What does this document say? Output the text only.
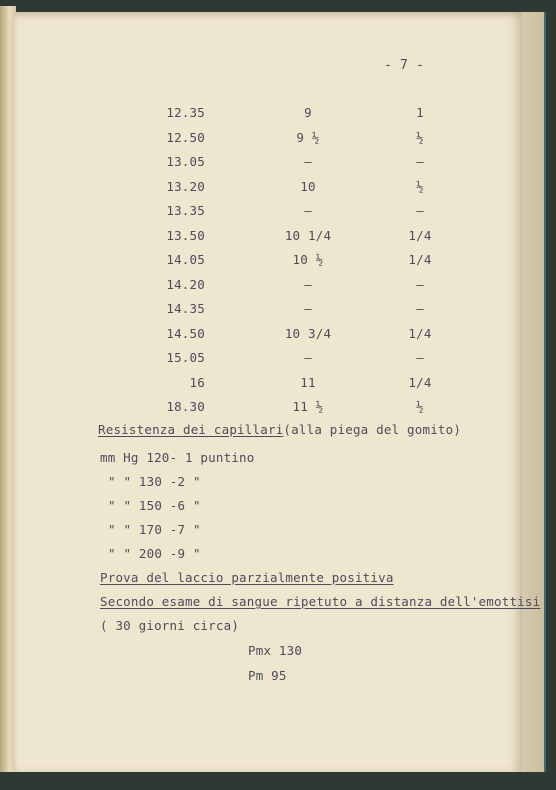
- 7 -
12.35	9	1
12.50	9 ½	½
13.05	–	–
13.20	10	½
13.35	–	–
13.50	10 1/4	1/4
14.05	10 ½	1/4
14.20	–	–
14.35	–	–
14.50	10 3/4	1/4
15.05	–	–
16	11	1/4
18.30	11 ½	½
Resistenza dei capillari(alla piega del gomito)
mm Hg 120- 1 puntino
" " 130 -2 "
" " 150 -6 "
" " 170 -7 "
" " 200 -9 "
Prova del laccio parzialmente positiva
Secondo esame di sangue ripetuto a distanza dell'emottisi
( 30 giorni circa)
Pmx 130
Pm 95
